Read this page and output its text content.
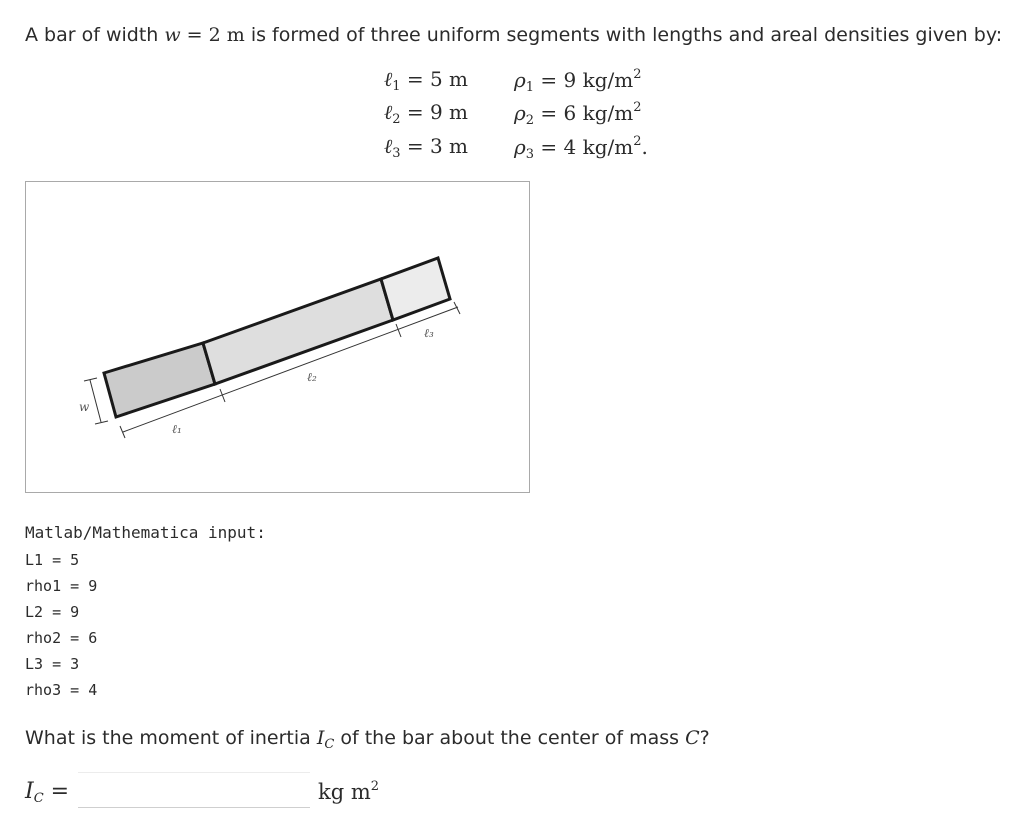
A bar of width w = 2 m is formed of three uniform segments with lengths and areal densities given by:
ℓ$_1$ = 5 m
ℓ$_2$ = 9 m
ℓ$_3$ = 3 m
$\rho_1 = 9$ $kg/m^2$
$\rho_2 = 6$ $kg/m^2$
$\rho_3 = 4$ $kg/m^2$.
w
ℓ₁
ℓ₂
ℓ₃
Matlab/Mathematica input:
L1 = 5
rho1 = 9
L2 = 9
rho2 = 6
L3 = 3
rho3 = 4
What is the moment of inertia $I_C$ of the bar about the center of mass C?
$I_C$ =	kg $m^2$
